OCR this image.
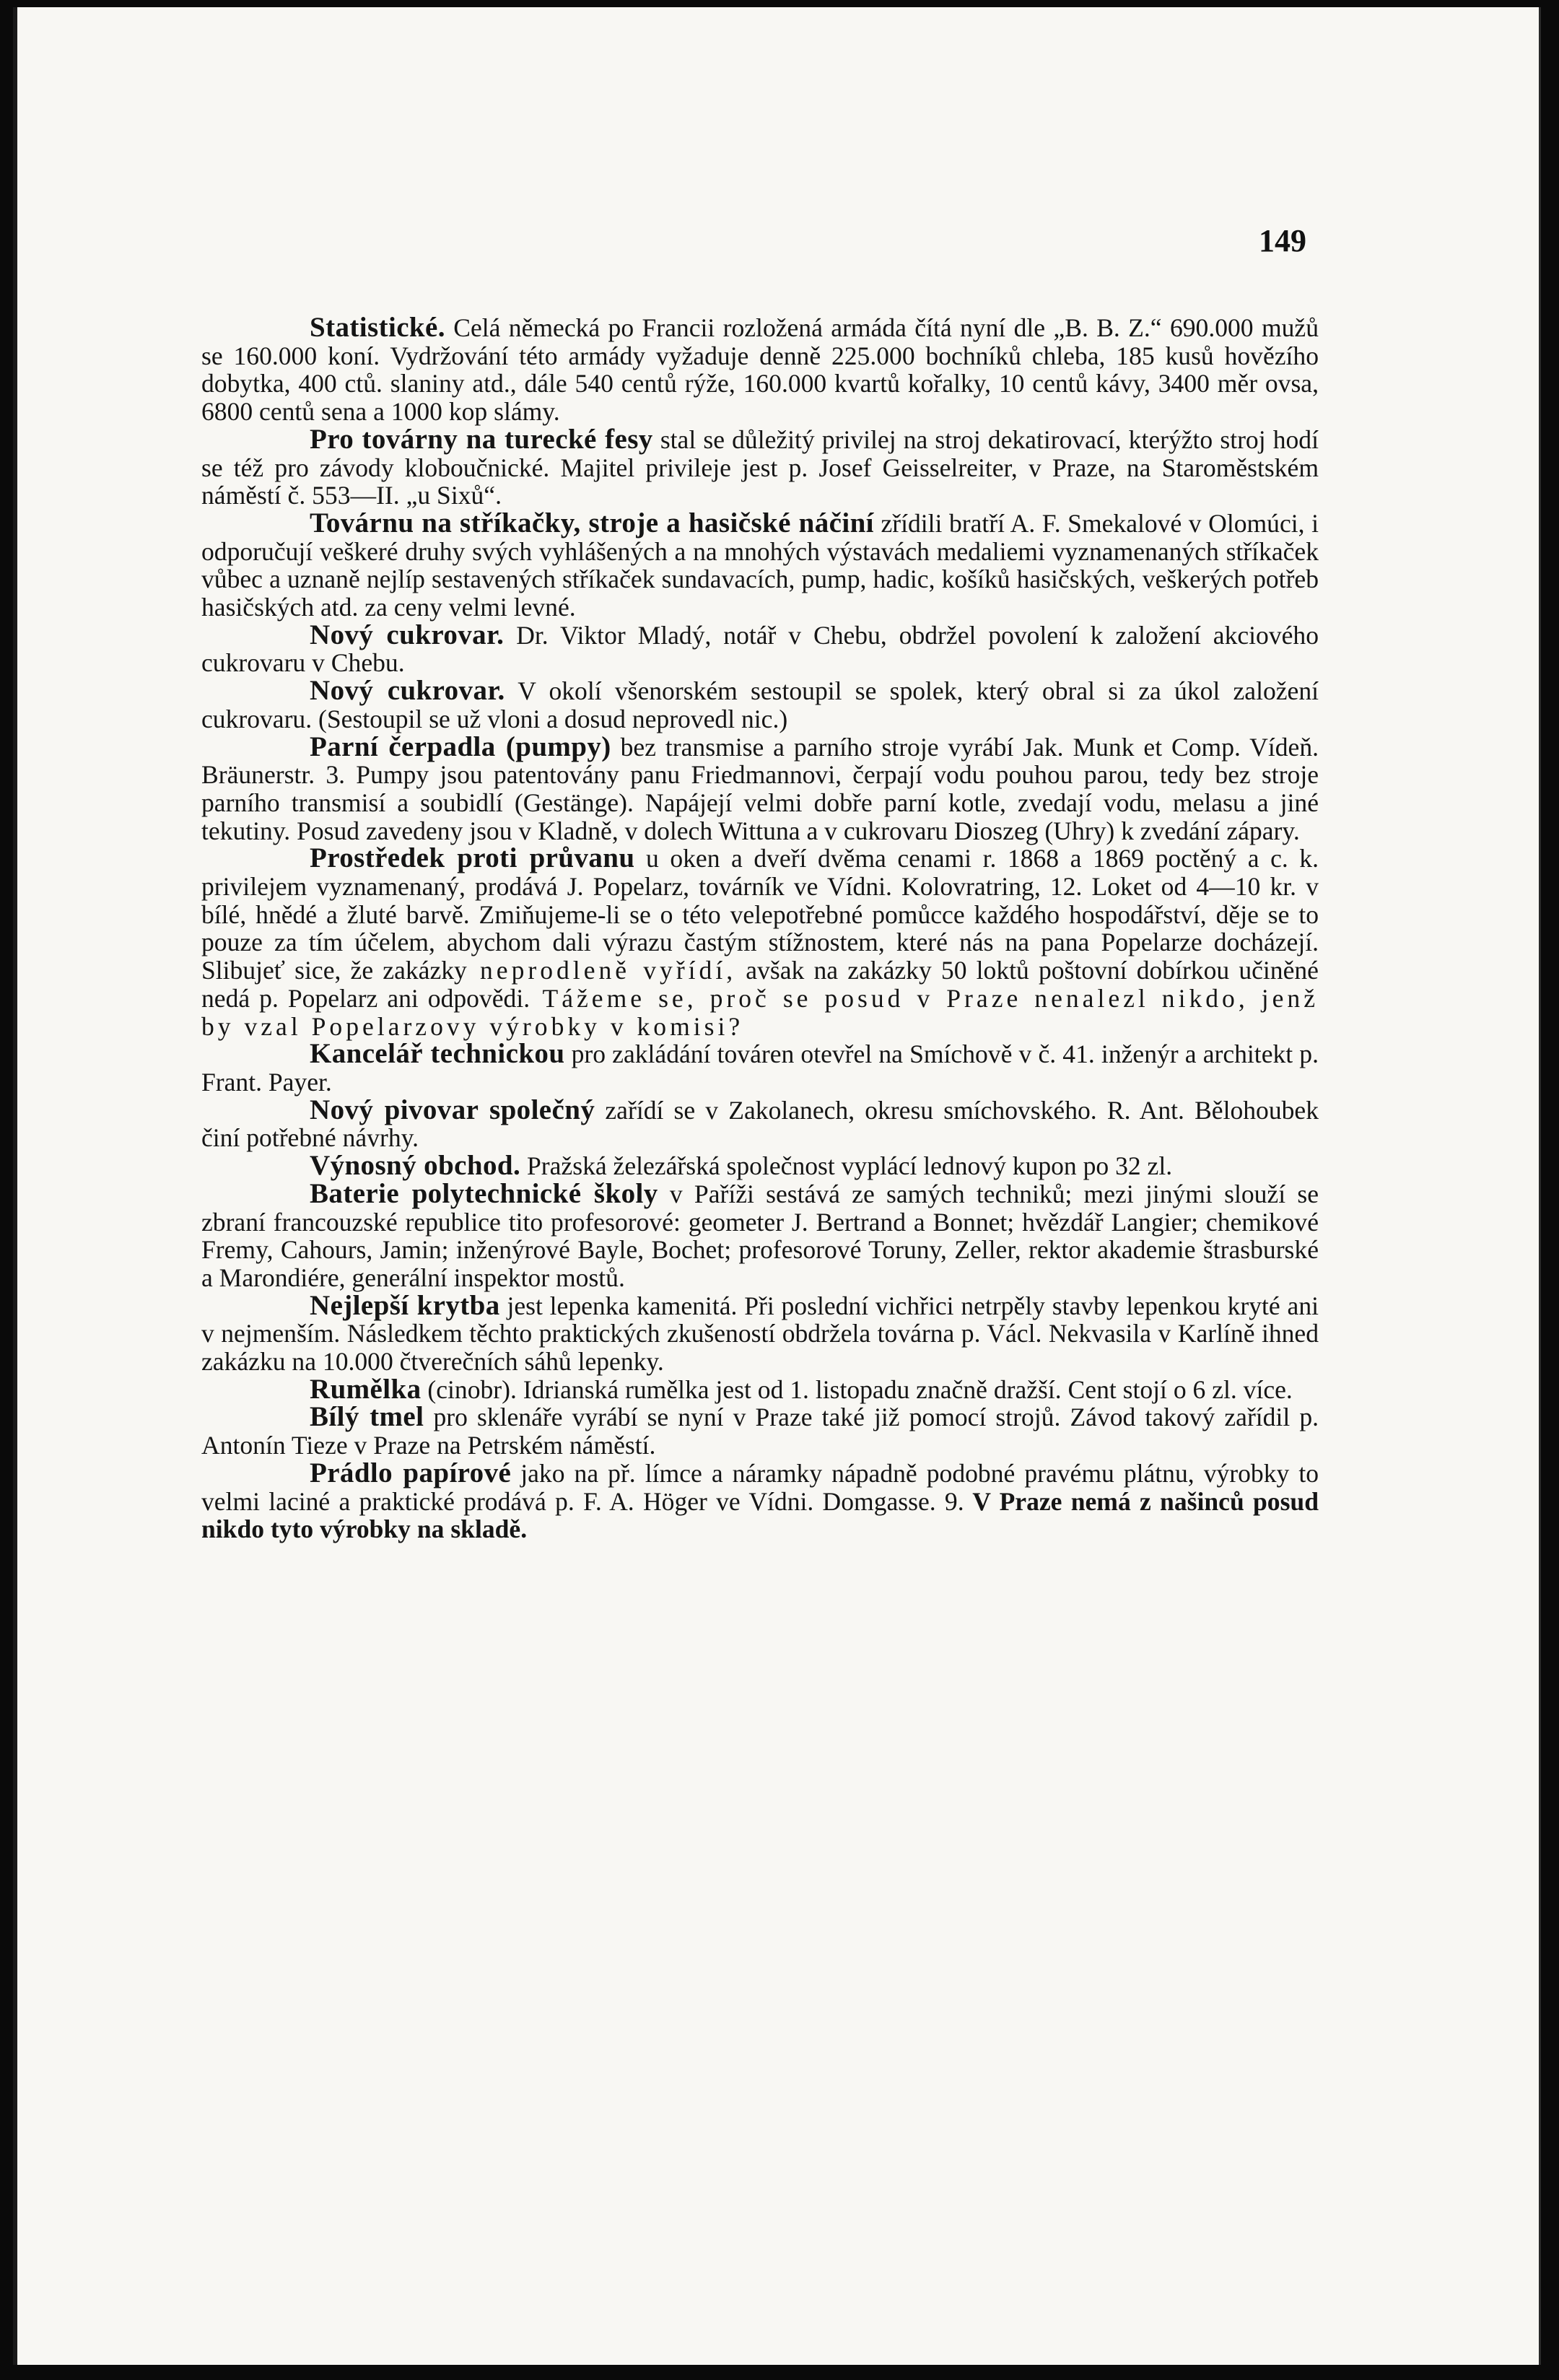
149

Statistické. Celá německá po Francii rozložená armáda čítá nyní dle „B. B. Z.“ 690.000 mužů se 160.000 koní. Vydržování této armády vyžaduje denně 225.000 bochníků chleba, 185 kusů hovězího dobytka, 400 ctů. slaniny atd., dále 540 centů rýže, 160.000 kvartů kořalky, 10 centů kávy, 3400 měr ovsa, 6800 centů sena a 1000 kop slámy.

Pro továrny na turecké fesy stal se důležitý privilej na stroj dekatirovací, kterýžto stroj hodí se též pro závody kloboučnické. Majitel privileje jest p. Josef Geisselreiter, v Praze, na Staroměstském náměstí č. 553—II. „u Sixů“.

Továrnu na stříkačky, stroje a hasičské náčiní zřídili bratří A. F. Smekalové v Olomúci, i odporučují veškeré druhy svých vyhlášených a na mnohých výstavách medaliemi vyznamenaných stříkaček vůbec a uznaně nejlíp sestavených stříkaček sundavacích, pump, hadic, košíků hasičských, veškerých potřeb hasičských atd. za ceny velmi levné.

Nový cukrovar. Dr. Viktor Mladý, notář v Chebu, obdržel povolení k založení akciového cukrovaru v Chebu.

Nový cukrovar. V okolí všenorském sestoupil se spolek, který obral si za úkol založení cukrovaru. (Sestoupil se už vloni a dosud neprovedl nic.)

Parní čerpadla (pumpy) bez transmise a parního stroje vyrábí Jak. Munk et Comp. Vídeň. Bräunerstr. 3. Pumpy jsou patentovány panu Friedmannovi, čerpají vodu pouhou parou, tedy bez stroje parního transmisí a soubidlí (Gestänge). Napájejí velmi dobře parní kotle, zvedají vodu, melasu a jiné tekutiny. Posud zavedeny jsou v Kladně, v dolech Wittuna a v cukrovaru Dioszeg (Uhry) k zvedání zápary.

Prostředek proti průvanu u oken a dveří dvěma cenami r. 1868 a 1869 poctěný a c. k. privilejem vyznamenaný, prodává J. Popelarz, továrník ve Vídni. Kolovratring, 12. Loket od 4—10 kr. v bílé, hnědé a žluté barvě. Zmiňujeme-li se o této velepotřebné pomůcce každého hospodářství, děje se to pouze za tím účelem, abychom dali výrazu častým stížnostem, které nás na pana Popelarze docházejí. Slibujeť sice, že zakázky neprodleně vyřídí, avšak na zakázky 50 loktů poštovní dobírkou učiněné nedá p. Popelarz ani odpovědi. Tážeme se, proč se posud v Praze nenalezl nikdo, jenž by vzal Popelarzovy výrobky v komisi?

Kancelář technickou pro zakládání továren otevřel na Smíchově v č. 41. inženýr a architekt p. Frant. Payer.

Nový pivovar společný zařídí se v Zakolanech, okresu smíchovského. R. Ant. Bělohoubek činí potřebné návrhy.

Výnosný obchod. Pražská železářská společnost vyplácí lednový kupon po 32 zl.

Baterie polytechnické školy v Paříži sestává ze samých techniků; mezi jinými slouží se zbraní francouzské republice tito profesorové: geometer J. Bertrand a Bonnet; hvězdář Langier; chemikové Fremy, Cahours, Jamin; inženýrové Bayle, Bochet; profesorové Toruny, Zeller, rektor akademie štrasburské a Marondiére, generální inspektor mostů.

Nejlepší krytba jest lepenka kamenitá. Při poslední vichřici netrpěly stavby lepenkou kryté ani v nejmenším. Následkem těchto praktických zkušeností obdržela továrna p. Václ. Nekvasila v Karlíně ihned zakázku na 10.000 čtverečních sáhů lepenky.

Rumělka (cinobr). Idrianská rumělka jest od 1. listopadu značně dražší. Cent stojí o 6 zl. více.

Bílý tmel pro sklenáře vyrábí se nyní v Praze také již pomocí strojů. Závod takový zařídil p. Antonín Tieze v Praze na Petrském náměstí.

Prádlo papírové jako na př. límce a náramky nápadně podobné pravému plátnu, výrobky to velmi laciné a praktické prodává p. F. A. Höger ve Vídni. Domgasse. 9. V Praze nemá z našinců posud nikdo tyto výrobky na skladě.
